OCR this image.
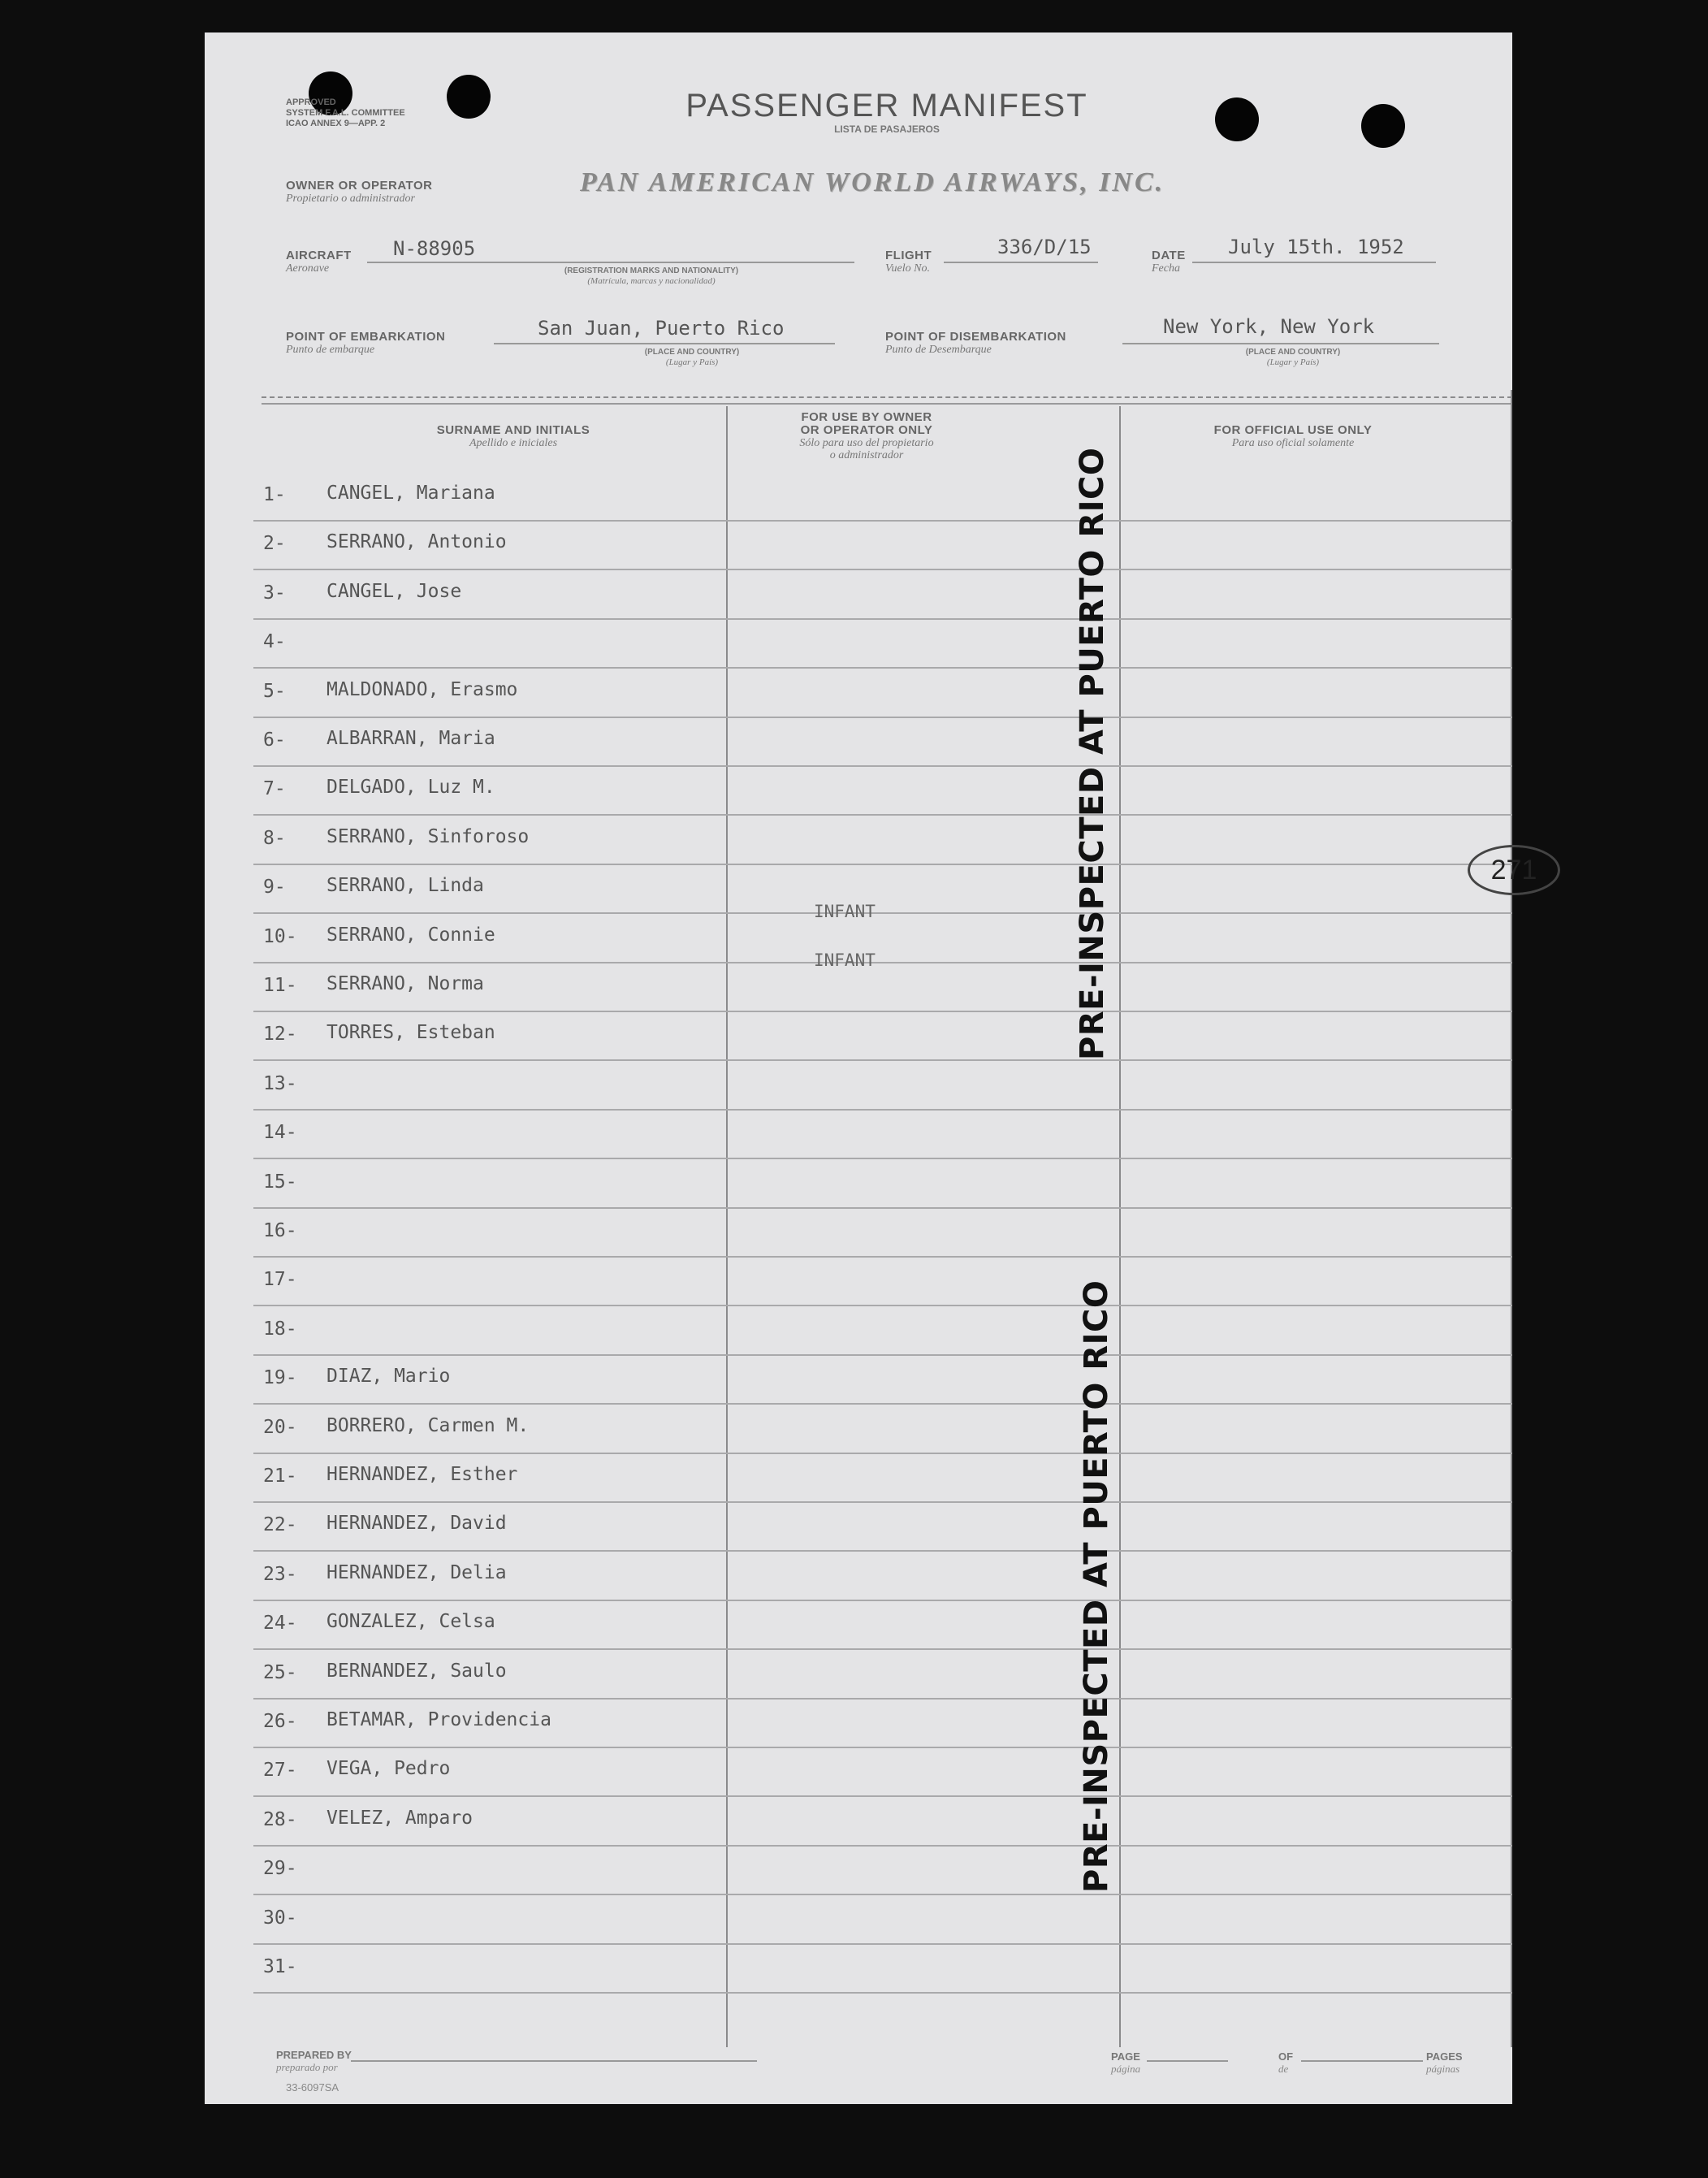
APPROVED
SYSTEM F.A.L. COMMITTEE
ICAO ANNEX 9—APP. 2	PASSENGER MANIFEST
LISTA DE PASAJEROS
OWNER OR OPERATOR
Propietario o administrador
PAN AMERICAN WORLD AIRWAYS, INC.
AIRCRAFT
Aeronave
N-88905
(REGISTRATION MARKS AND NATIONALITY)
(Matrícula, marcas y nacionalidad)
FLIGHT
Vuelo No.
336/D/15	DATE
Fecha
July 15th. 1952
POINT OF EMBARKATION
Punto de embarque
San Juan, Puerto Rico
(PLACE AND COUNTRY)
(Lugar y País)
POINT OF DISEMBARKATION
Punto de Desembarque
New York, New York
(PLACE AND COUNTRY)
(Lugar y País)
SURNAME AND INITIALS
Apellido e iniciales
FOR USE BY OWNER
OR OPERATOR ONLY
Sólo para uso del propietario
o administrador
FOR OFFICIAL USE ONLY
Para uso oficial solamente
1-	CANGEL, Mariana
2-	SERRANO, Antonio
3-	CANGEL, Jose
4-
5-	MALDONADO, Erasmo
6-	ALBARRAN, Maria
7-	DELGADO, Luz M.
8-	SERRANO, Sinforoso
9-	SERRANO, Linda
10- SERRANO, Connie
INFANT
11- SERRANO, Norma
INFANT
12- TORRES, Esteban
13-
14-
15-
16-
17-
18-
19- DIAZ, Mario
20- BORRERO, Carmen M.
21- HERNANDEZ, Esther
22- HERNANDEZ, David
23- HERNANDEZ, Delia
24- GONZALEZ, Celsa
25- BERNANDEZ, Saulo
26- BETAMAR, Providencia
27- VEGA, Pedro
28- VELEZ, Amparo
29-
30-
31-
PRE-INSPECTED AT PUERTO RICO
PRE-INSPECTED AT PUERTO RICO
271
PREPARED BY
preparado por
PAGE
página
OF
de
PAGES
páginas
33-6097SA
